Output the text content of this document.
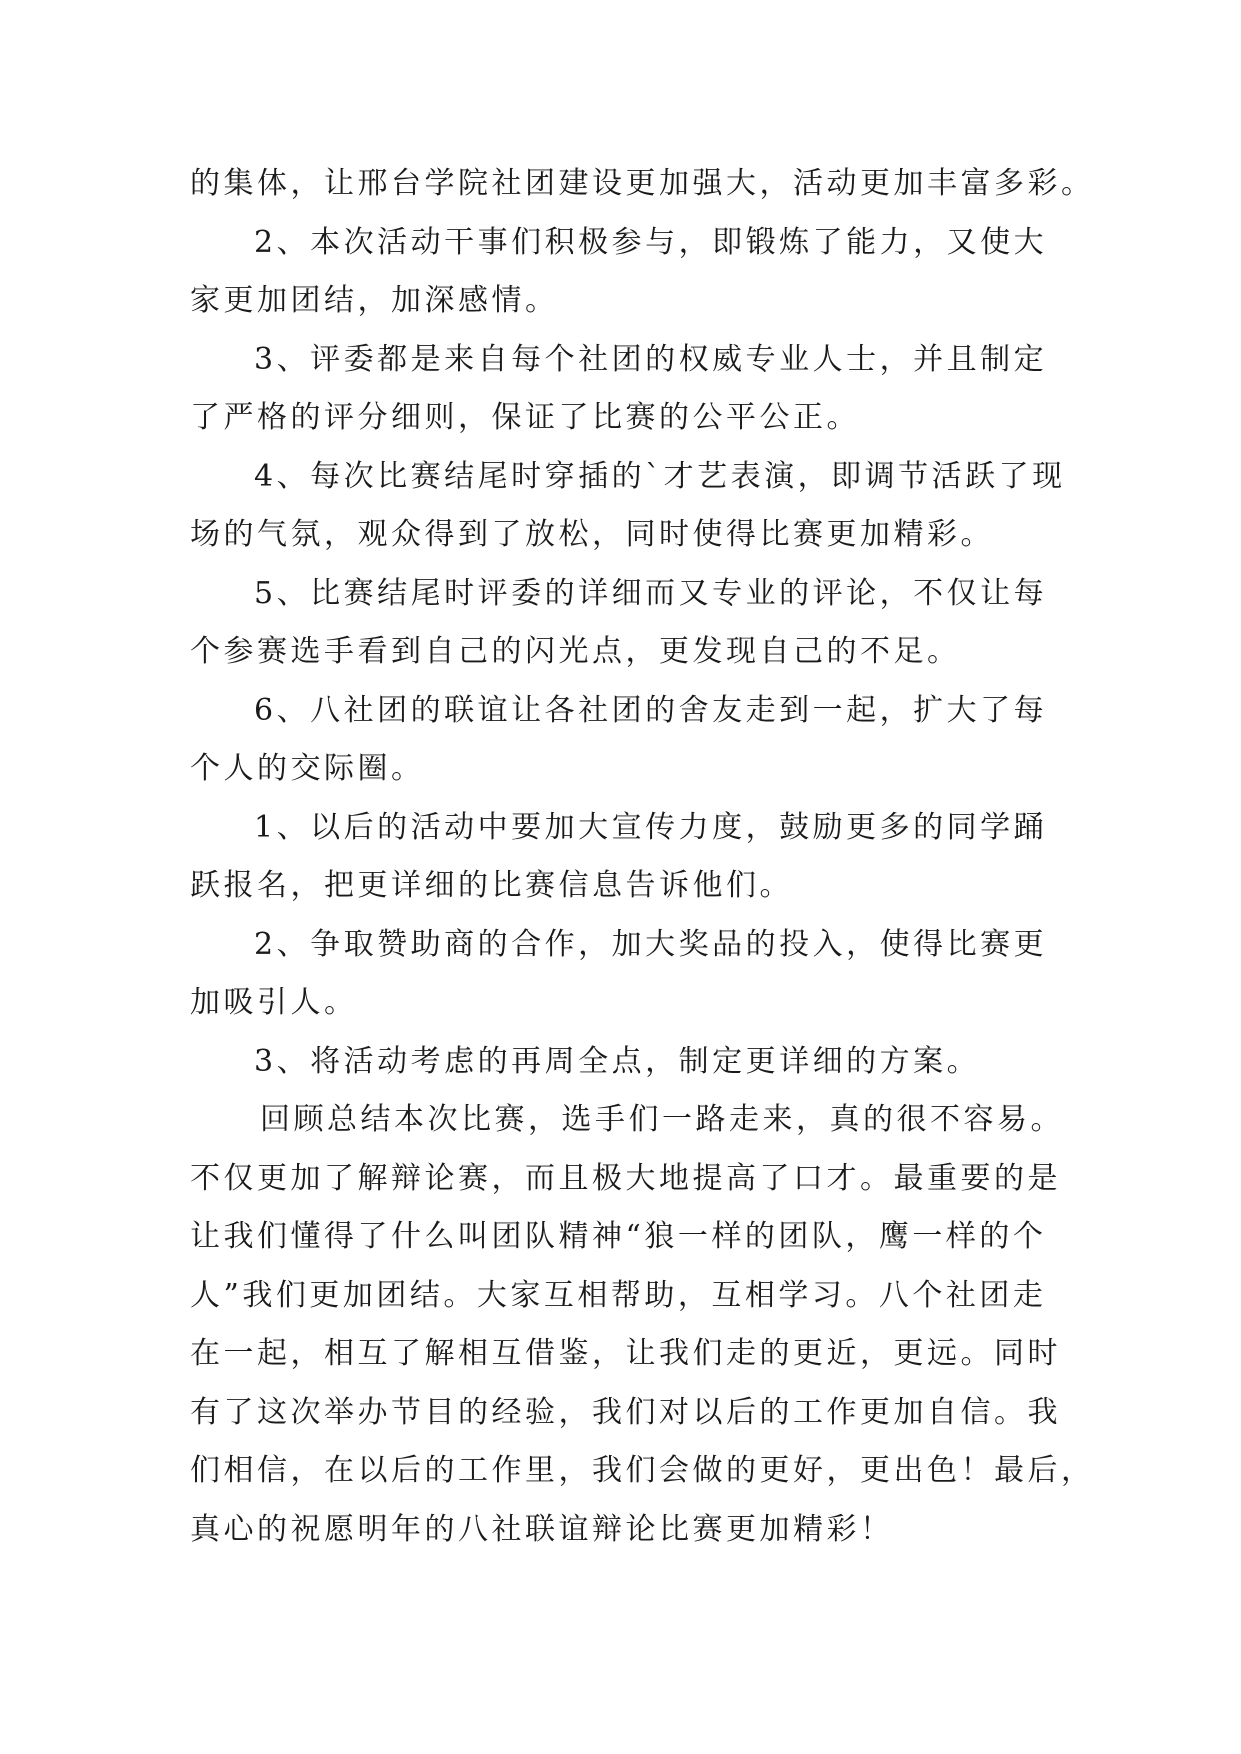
的集体，让邢台学院社团建设更加强大，活动更加丰富多彩。

2、本次活动干事们积极参与，即锻炼了能力，又使大

家更加团结，加深感情。

3、评委都是来自每个社团的权威专业人士，并且制定

了严格的评分细则，保证了比赛的公平公正。

4、每次比赛结尾时穿插的`才艺表演，即调节活跃了现

场的气氛，观众得到了放松，同时使得比赛更加精彩。

5、比赛结尾时评委的详细而又专业的评论，不仅让每

个参赛选手看到自己的闪光点，更发现自己的不足。

6、八社团的联谊让各社团的舍友走到一起，扩大了每

个人的交际圈。

1、以后的活动中要加大宣传力度，鼓励更多的同学踊

跃报名，把更详细的比赛信息告诉他们。

2、争取赞助商的合作，加大奖品的投入，使得比赛更

加吸引人。

3、将活动考虑的再周全点，制定更详细的方案。

回顾总结本次比赛，选手们一路走来，真的很不容易。

不仅更加了解辩论赛，而且极大地提高了口才。最重要的是

让我们懂得了什么叫团队精神“狼一样的团队，鹰一样的个

人”我们更加团结。大家互相帮助，互相学习。八个社团走

在一起，相互了解相互借鉴，让我们走的更近，更远。同时

有了这次举办节目的经验，我们对以后的工作更加自信。我

们相信，在以后的工作里，我们会做的更好，更出色！最后，

真心的祝愿明年的八社联谊辩论比赛更加精彩！
